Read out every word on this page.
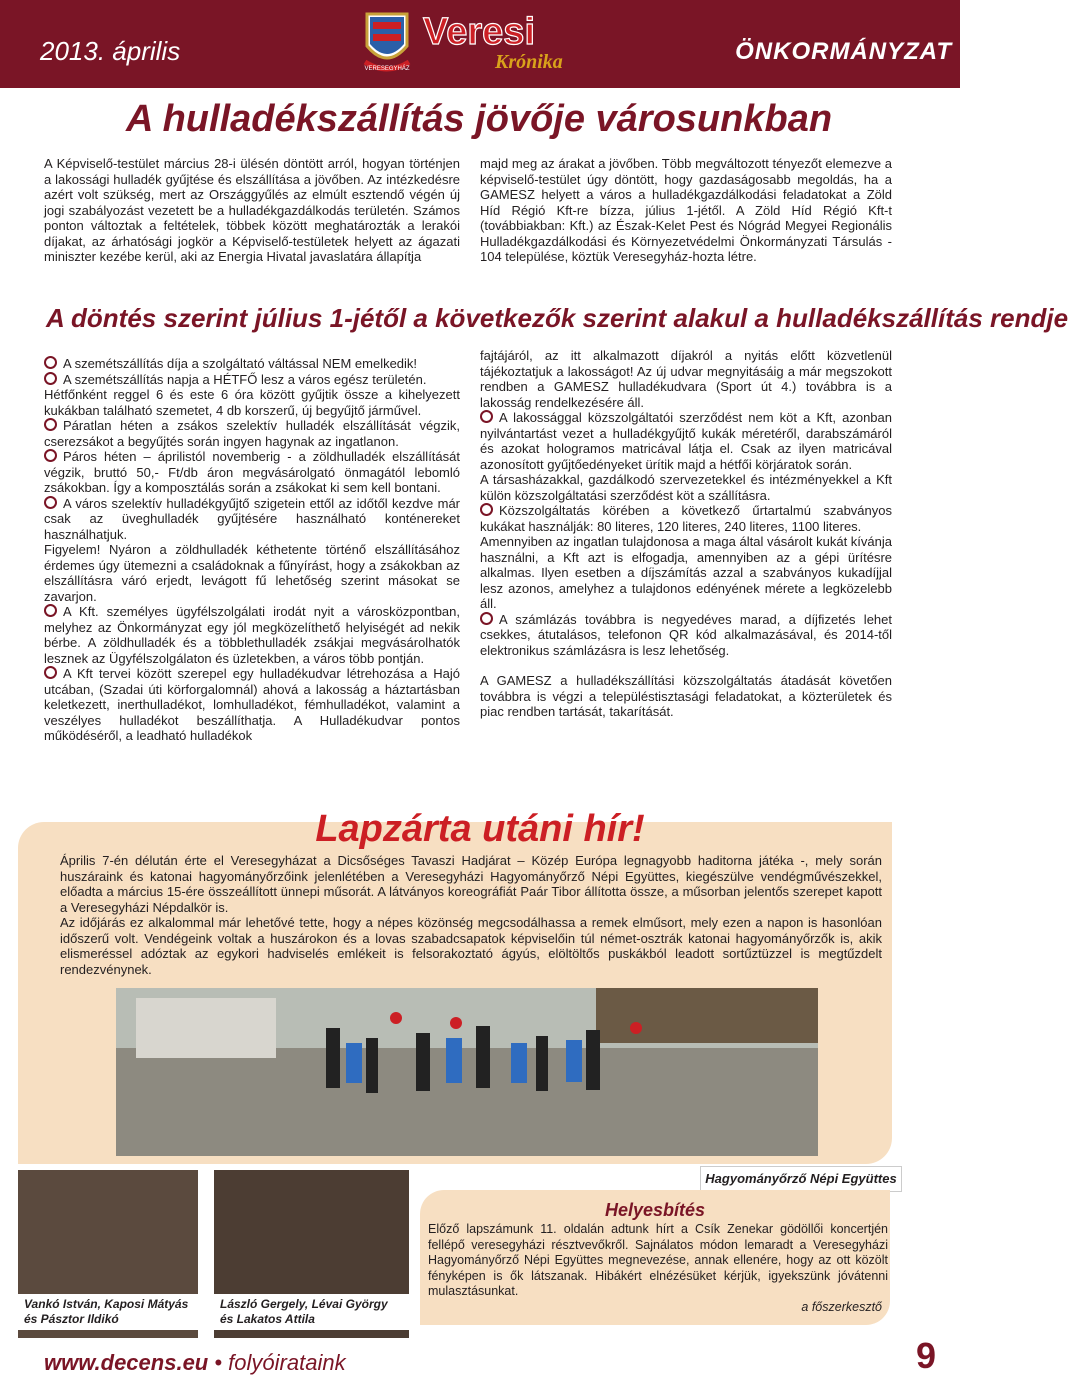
2013. április	ÖNKORMÁNYZAT
VERESEGYHÁZ
Veresi
Krónika
A hulladékszállítás jövője városunkban

A Képviselő-testület március 28-i ülésén döntött arról, hogyan történjen a lakossági hulladék gyűjtése és elszállítása a jövőben. Az intézkedésre azért volt szükség, mert az Országgyűlés az elmúlt esztendő végén új jogi szabályozást vezetett be a hulladékgazdálkodás területén. Számos ponton változtak a feltételek, többek között meghatározták a lerakói díjakat, az árhatósági jogkör a Képviselő-testületek helyett az ágazati miniszter kezébe kerül, aki az Energia Hivatal javaslatára állapítja

majd meg az árakat a jövőben. Több megváltozott tényezőt elemezve a képviselő-testület úgy döntött, hogy gazdaságosabb megoldás, ha a GAMESZ helyett a város a hulladékgazdálkodási feladatokat a Zöld Híd Régió Kft-re bízza, július 1-jétől. A Zöld Híd Régió Kft-t (továbbiakban: Kft.) az Észak-Kelet Pest és Nógrád Megyei Regionális Hulladékgazdálkodási és Környezetvédelmi Önkormányzati Társulás - 104 települése, köztük Veresegyház-hozta létre.

A döntés szerint július 1-jétől a következők szerint alakul a hulladékszállítás rendje

A szemétszállítás díja a szolgáltató váltással NEM emelkedik!

A szemétszállítás napja a HÉTFŐ lesz a város egész területén.

Hétfőnként reggel 6 és este 6 óra között gyűjtik össze a kihelyezett kukákban található szemetet, 4 db korszerű, új begyűjtő járművel.

Páratlan héten a zsákos szelektív hulladék elszállítását végzik, cserezsákot a begyűjtés során ingyen hagynak az ingatlanon.

Páros héten – áprilistól novemberig - a zöldhulladék elszállítását végzik, bruttó 50,- Ft/db áron megvásárolgató önmagától lebomló zsákokban. Így a komposztálás során a zsákokat ki sem kell bontani.

A város szelektív hulladékgyűjtő szigetein ettől az időtől kezdve már csak az üveghulladék gyűjtésére használható konténereket használhatjuk.

Figyelem! Nyáron a zöldhulladék kéthetente történő elszállításához érdemes úgy ütemezni a családoknak a fűnyírást, hogy a zsákokban az elszállításra váró erjedt, levágott fű lehetőség szerint másokat se zavarjon.

A Kft. személyes ügyfélszolgálati irodát nyit a városközpontban, melyhez az Önkormányzat egy jól megközelíthető helyiségét ad nekik bérbe. A zöldhulladék és a többlethulladék zsákjai megvásárolhatók lesznek az Ügyfélszolgálaton és üzletekben, a város több pontján.

A Kft tervei között szerepel egy hulladékudvar létrehozása a Hajó utcában, (Szadai úti körforgalomnál) ahová a lakosság a háztartásban keletkezett, inerthulladékot, lomhulladékot, fémhulladékot, valamint a veszélyes hulladékot beszállíthatja. A Hulladékudvar pontos működéséről, a leadható hulladékok

fajtájáról, az itt alkalmazott díjakról a nyitás előtt közvetlenül tájékoztatjuk a lakosságot! Az új udvar megnyitásáig a már megszokott rendben a GAMESZ hulladékudvara (Sport út 4.) továbbra is a lakosság rendelkezésére áll.

A lakossággal közszolgáltatói szerződést nem köt a Kft, azonban nyilvántartást vezet a hulladékgyűjtő kukák méretéről, darabszámáról és azokat hologramos matricával látja el. Csak az ilyen matricával azonosított gyűjtőedényeket ürítik majd a hétfői körjáratok során.

A társasházakkal, gazdálkodó szervezetekkel és intézményekkel a Kft külön közszolgáltatási szerződést köt a szállításra.

Közszolgáltatás körében a következő űrtartalmú szabványos kukákat használják: 80 literes, 120 literes, 240 literes, 1100 literes.

Amennyiben az ingatlan tulajdonosa a maga által vásárolt kukát kívánja használni, a Kft azt is elfogadja, amennyiben az a gépi ürítésre alkalmas. Ilyen esetben a díjszámítás azzal a szabványos kukadíjjal lesz azonos, amelyhez a tulajdonos edényének mérete a legközelebb áll.

A számlázás továbbra is negyedéves marad, a díjfizetés lehet csekkes, átutalásos, telefonon QR kód alkalmazásával, és 2014-től elektronikus számlázásra is lesz lehetőség.

A GAMESZ a hulladékszállítási közszolgáltatás átadását követően továbbra is végzi a településtisztasági feladatokat, a közterületek és piac rendben tartását, takarítását.

Lapzárta utáni hír!

Április 7-én délután érte el Veresegyházat a Dicsőséges Tavaszi Hadjárat – Közép Európa legnagyobb haditorna játéka -, mely során huszáraink és katonai hagyományőrzőink jelenlétében a Veresegyházi Hagyományőrző Népi Együttes, kiegészülve vendégművészekkel, előadta a március 15-ére összeállított ünnepi műsorát. A látványos koreográfiát Paár Tibor állította össze, a műsorban jelentős szerepet kapott a Veresegyházi Népdalkör is.

Az időjárás ez alkalommal már lehetővé tette, hogy a népes közönség megcsodálhassa a remek elműsort, mely ezen a napon is hasonlóan időszerű volt. Vendégeink voltak a huszárokon és a lovas szabadcsapatok képviselőin túl német-osztrák katonai hagyományőrzők is, akik elismeréssel adóztak az egykori hadviselés emlékeit is felsorakoztató ágyús, elöltöltős puskákból leadott sortűztüzzel is megtűzdelt rendezvénynek.

Hagyományőrző Népi Együttes
Vankó István, Kaposi Mátyás és Pásztor Ildikó
László Gergely, Lévai György és Lakatos Attila
Helyesbítés

Előző lapszámunk 11. oldalán adtunk hírt a Csík Zenekar gödöllői koncertjén fellépő veresegyházi résztvevőkről. Sajnálatos módon lemaradt a Veresegyházi Hagyományőrző Népi Együttes megnevezése, annak ellenére, hogy az ott közölt fényképen is ők látszanak. Hibákért elnézésüket kérjük, igyekszünk jóvátenni mulasztásunkat.

a főszerkesztő
www.decens.eu • folyóirataink	9
